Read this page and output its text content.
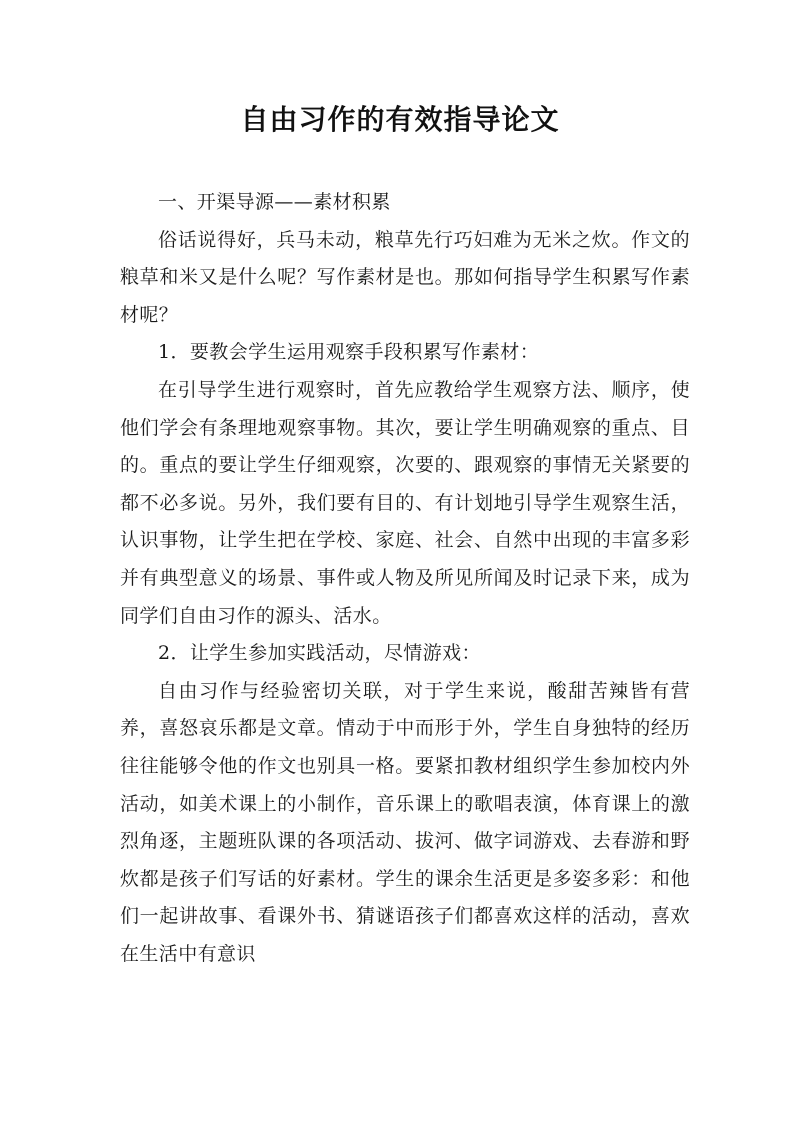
自由习作的有效指导论文

一、开渠导源——素材积累

俗话说得好，兵马未动，粮草先行巧妇难为无米之炊。作文的粮草和米又是什么呢？写作素材是也。那如何指导学生积累写作素材呢？

1．要教会学生运用观察手段积累写作素材：

在引导学生进行观察时，首先应教给学生观察方法、顺序，使他们学会有条理地观察事物。其次，要让学生明确观察的重点、目的。重点的要让学生仔细观察，次要的、跟观察的事情无关紧要的都不必多说。另外，我们要有目的、有计划地引导学生观察生活，认识事物，让学生把在学校、家庭、社会、自然中出现的丰富多彩并有典型意义的场景、事件或人物及所见所闻及时记录下来，成为同学们自由习作的源头、活水。

2．让学生参加实践活动，尽情游戏：

自由习作与经验密切关联，对于学生来说，酸甜苦辣皆有营养，喜怒哀乐都是文章。情动于中而形于外，学生自身独特的经历往往能够令他的作文也别具一格。要紧扣教材组织学生参加校内外活动，如美术课上的小制作，音乐课上的歌唱表演，体育课上的激烈角逐，主题班队课的各项活动、拔河、做字词游戏、去春游和野炊都是孩子们写话的好素材。学生的课余生活更是多姿多彩：和他们一起讲故事、看课外书、猜谜语孩子们都喜欢这样的活动，喜欢在生活中有意识
